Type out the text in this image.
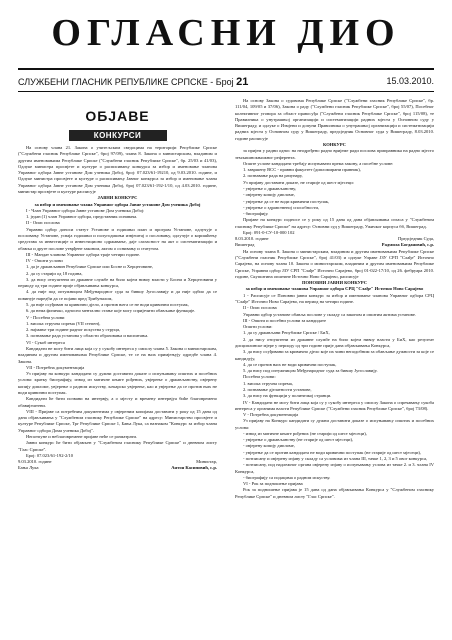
ОГЛАСНИ ДИО
СЛУЖБЕНИ ГЛАСНИК РЕПУБЛИКЕ СРПСКЕ - Број 21	15.03.2010.
ОБЈАВЕ
КОНКУРСИ

На основу члана 21. Закона о учитељским сведоцима на територији Републике Српске ("Службени гласник Републике Српске", број 97/09), члана 8. Закона о министарским, владиним и другим именовањима Републике Српске ("Службени гласник Републике Српске", бр. 25/03 и 41/03), Одлуке министра просвјете и културе о расписивању конкурса за избор и именовање чланова Управног одбора Јавне установе Дом ученика Добој, број: 07.023/61-19210, од 9.03.2010. године, и Одлуке министра просвјете и културе о расписивању Јавног конкурса за избор и именовање члана Управног одбора Јавне установе Дом ученика Добој, број 07.023/61-192-1/10, од 4.03.2010. године, министар просвјете и културе расписује

ЈАВНИ КОНКУРС

за избор и именовање члана Управног одбора Јавне установе Дом ученика Добој

I - Члан Управног одбора Јавне установе Дом ученика Добој:

1. један (1) члан Управног одбора, представник оснивача.

II - Опис послова

Управни одбор доноси статут Установе и годишњи план и програм Установе, одлучује о пословању Установе, усваја годишњи и полугодишњи извјештај о пословању, одлучује о коришћењу средстава за инвестиције и инвестиционо одржавање, даје сагласност на акт о систематизацији и обавља и друге послове утврђене законом, актом о оснивању и статутом.

III - Мандат чланова Управног одбора траје четири године.

IV - Општи услови

1. да је држављанин Републике Српске или Босне и Херцеговине,

2. да су старији од 18 година,

3. да нису отпуштени из државне службе на било којем нивоу власти у Босни и Херцеговини у периоду од три године прије објављивања конкурса,

4. да није под оптужницом Међународног суда за бившу Југославију и да није одбио да се повинује наредби да се појави пред Трибуналом,

5. да није осуђиван за кривично дјело, а против њега се не води кривични поступак,

6. да нема физичко, односно ментално стање које могу спријечити обављање функције.

V - Посебни услови

1. висока стручна спрема (VII степен),

2. најмање три године радног искуства у струци,

3. познавање рада установа у области образовања и васпитања.

VI - Сукоб интереса

Кандидати не могу бити лица која су у сукобу интереса у смислу члана 5. Закона о министарским, владиним и другим именовањима Републике Српске, те се на њих примјењују одредбе члана 4. Закона.

VII - Потребна документација

Уз пријаву на конкурс кандидати су дужни доставити доказе о испуњавању општих и посебних услова: кратку биографију, извод из матичне књиге рођених, увјерење о држављанству, овјерену копију дипломе, увјерење о радном искуству, љекарско увјерење, као и увјерење да се против њих не води кривични поступак.

Кандидати ће бити позвани на интервју, а о мјесту и времену интервјуа биће благовремено обавијештени.

VIII - Пријаве са потребним документима у овјереним копијама доставити у року од 15 дана од дана објављивања у "Службеном гласнику Републике Српске" на адресу: Министарство просвјете и културе Републике Српске, Трг Републике Српске 1, Бања Лука, са назнаком "Конкурс за избор члана Управног одбора Дома ученика Добој".

Непотпуне и неблаговремене пријаве неће се разматрати.

Јавни конкурс ће бити објављен у "Службеном гласнику Републике Српске" и дневном листу "Глас Српске".

Број: 07.023/61-192-2/10

9.03.2010. године	Министар,

Бања Лука	Антон Касиповић, с.р.

На основу Закона о судовима Републике Српске ("Службени гласник Републике Српске", бр. 111/04, 109/05 и 37/06), Закона о раду ("Службени гласник Републике Српске", број 55/07), Посебног колективног уговора за област правосуђа ("Службени гласник Републике Српске", број 115/08), те Правилника о унутрашњој организацији и систематизацији радних мјеста у Основном суду у Вишеграду, и одлуке о Измјени и допуни Правилника о унутрашњој организацији и систематизацији радних мјеста у Основном суду у Вишеграду, предсједник Основног суда у Вишеграду, 8.03.2010. године расписује

КОНКУРС

за пријем у радни однос на неодређено радно вријеме ради послова приправника на радно мјесто земљишнокњижног референта.

Опште услове кандидати требају испуњавати према закону, а посебне услове:

1. завршену ВСС - правни факултет (дипломирани правник),

2. познавање рада на рачунару,

Уз пријаву доставити доказе, не старије од шест мјесеци:

- увјерење о држављанству,

- овјерену копију дипломе,

- увјерење да се не води кривични поступак,

- увјерење о здравственој способности,

- биографију.

Пријаве на конкурс подносе се у року од 15 дана од дана објављивања огласа у "Службеном гласнику Републике Српске" на адресу: Основни суд у Вишеграду, Ужичког корпуса бб, Вишеград.

Број: 091-0-СУ-10-000 102

8.03.2010. године	Предсједник Суда,

Вишеград	Радмила Богдановић, с.р.

На основу члана 8. Закона о министарским, владиним и другим именовањима Републике Српске ("Службени гласник Републике Српске", број 41/03) и одлуке Управе ЈЗУ СРП "Слађе" Источно Сарајево, на основу члана 10. Закона о министарским, владиним и другим именовањима Републике Српске, Управни одбор ЈЗУ СРП "Слађе" Источно Сарајево, број 01-022-17/10, од 26. фебруара 2010. године, Скупштина општине Источно Ново Сарајево, расписује

ПОНОВНИ ЈАВНИ КОНКУРС

за избор и именовање чланова Управног одбора СРЦ "Слађе" Источно Ново Сарајево

1 - Расписује се Поновни јавни конкурс за избор и именовање чланова Управног одбора СРЦ "Слађе" Источно Ново Сарајево, на период на четири године.

II - Опис послова

Управни одбор установе обавља послове у складу са законом и општим актима установе.

III - Општи и посебни услови за кандидате

Општи услови:

1. да су држављани Републике Српске / БиХ,

2. да нису отпуштени из државне службе на било којем нивоу власти у БиХ, као резултат дисциплинске мјере у периоду од три године прије дана објављивања Конкурса,

3. да нису осуђивани за кривично дјело које их чини неподобним за обављање дужности за које се кандидују,

4. да се против њих не води кривични поступак,

5. да нису под оптужницом Међународног суда за бившу Југославију.

Посебни услови:

1. висока стручна спрема,

2. познавање дјелатности установе,

3. да нису на функцији у политичкој странци.

IV - Кандидати не могу бити лица која су у сукобу интереса у смислу Закона о спречавању сукоба интереса у органима власти Републике Српске ("Службени гласник Републике Српске", број 73/08).

V - Потребна документација

Уз пријаву на Конкурс кандидати су дужни доставити доказе о испуњавању општих и посебних услова:

- извод из матичне књиге рођених (не старији од шест мјесеци),

- увјерење о држављанству (не старије од шест мјесеци),

- овјерену копију дипломе,

- увјерење да се против кандидата не води кривични поступак (не старије од шест мјесеци),

- потписану и овјерену изјаву у складу са условима из члана III, тачке 1, 2, 3 и 5 овог конкурса,

- потписану, под надлежног органа овјерену изјаву о испуњавању услова из тачке 2. и 3. члана IV Конкурса,

- биографију са подацима о радном искуству.

VI - Рок за подношење пријава

Рок за подношење пријава је 15 дана од дана објављивања Конкурса у "Службеном гласнику Републике Српске" и дневном листу "Глас Српске".
